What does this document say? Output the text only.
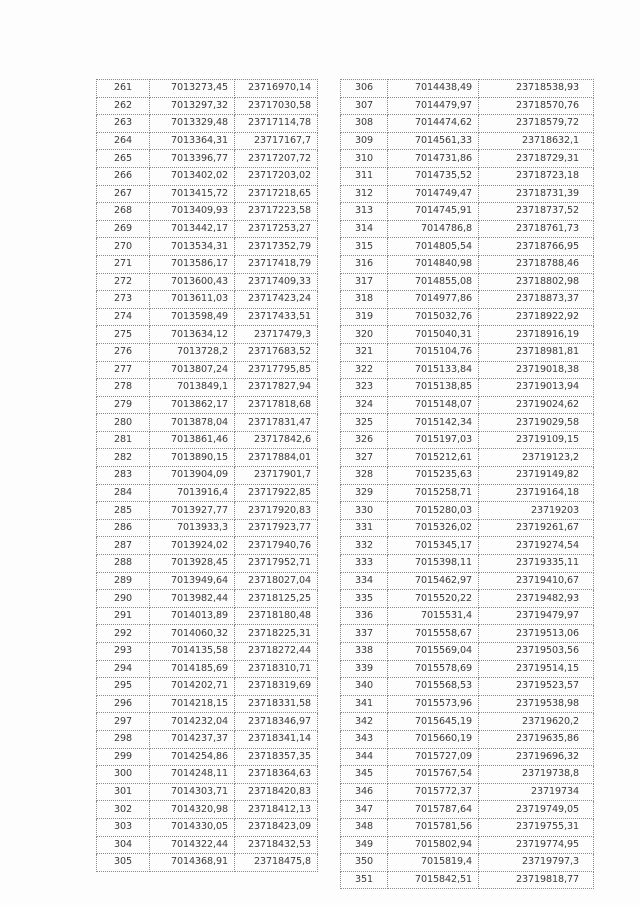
261	7013273,45	23716970,14
262	7013297,32	23717030,58
263	7013329,48	23717114,78
264	7013364,31	23717167,7
265	7013396,77	23717207,72
266	7013402,02	23717203,02
267	7013415,72	23717218,65
268	7013409,93	23717223,58
269	7013442,17	23717253,27
270	7013534,31	23717352,79
271	7013586,17	23717418,79
272	7013600,43	23717409,33
273	7013611,03	23717423,24
274	7013598,49	23717433,51
275	7013634,12	23717479,3
276	7013728,2	23717683,52
277	7013807,24	23717795,85
278	7013849,1	23717827,94
279	7013862,17	23717818,68
280	7013878,04	23717831,47
281	7013861,46	23717842,6
282	7013890,15	23717884,01
283	7013904,09	23717901,7
284	7013916,4	23717922,85
285	7013927,77	23717920,83
286	7013933,3	23717923,77
287	7013924,02	23717940,76
288	7013928,45	23717952,71
289	7013949,64	23718027,04
290	7013982,44	23718125,25
291	7014013,89	23718180,48
292	7014060,32	23718225,31
293	7014135,58	23718272,44
294	7014185,69	23718310,71
295	7014202,71	23718319,69
296	7014218,15	23718331,58
297	7014232,04	23718346,97
298	7014237,37	23718341,14
299	7014254,86	23718357,35
300	7014248,11	23718364,63
301	7014303,71	23718420,83
302	7014320,98	23718412,13
303	7014330,05	23718423,09
304	7014322,44	23718432,53
305	7014368,91	23718475,8
306	7014438,49	23718538,93
307	7014479,97	23718570,76
308	7014474,62	23718579,72
309	7014561,33	23718632,1
310	7014731,86	23718729,31
311	7014735,52	23718723,18
312	7014749,47	23718731,39
313	7014745,91	23718737,52
314	7014786,8	23718761,73
315	7014805,54	23718766,95
316	7014840,98	23718788,46
317	7014855,08	23718802,98
318	7014977,86	23718873,37
319	7015032,76	23718922,92
320	7015040,31	23718916,19
321	7015104,76	23718981,81
322	7015133,84	23719018,38
323	7015138,85	23719013,94
324	7015148,07	23719024,62
325	7015142,34	23719029,58
326	7015197,03	23719109,15
327	7015212,61	23719123,2
328	7015235,63	23719149,82
329	7015258,71	23719164,18
330	7015280,03	23719203
331	7015326,02	23719261,67
332	7015345,17	23719274,54
333	7015398,11	23719335,11
334	7015462,97	23719410,67
335	7015520,22	23719482,93
336	7015531,4	23719479,97
337	7015558,67	23719513,06
338	7015569,04	23719503,56
339	7015578,69	23719514,15
340	7015568,53	23719523,57
341	7015573,96	23719538,98
342	7015645,19	23719620,2
343	7015660,19	23719635,86
344	7015727,09	23719696,32
345	7015767,54	23719738,8
346	7015772,37	23719734
347	7015787,64	23719749,05
348	7015781,56	23719755,31
349	7015802,94	23719774,95
350	7015819,4	23719797,3
351	7015842,51	23719818,77
